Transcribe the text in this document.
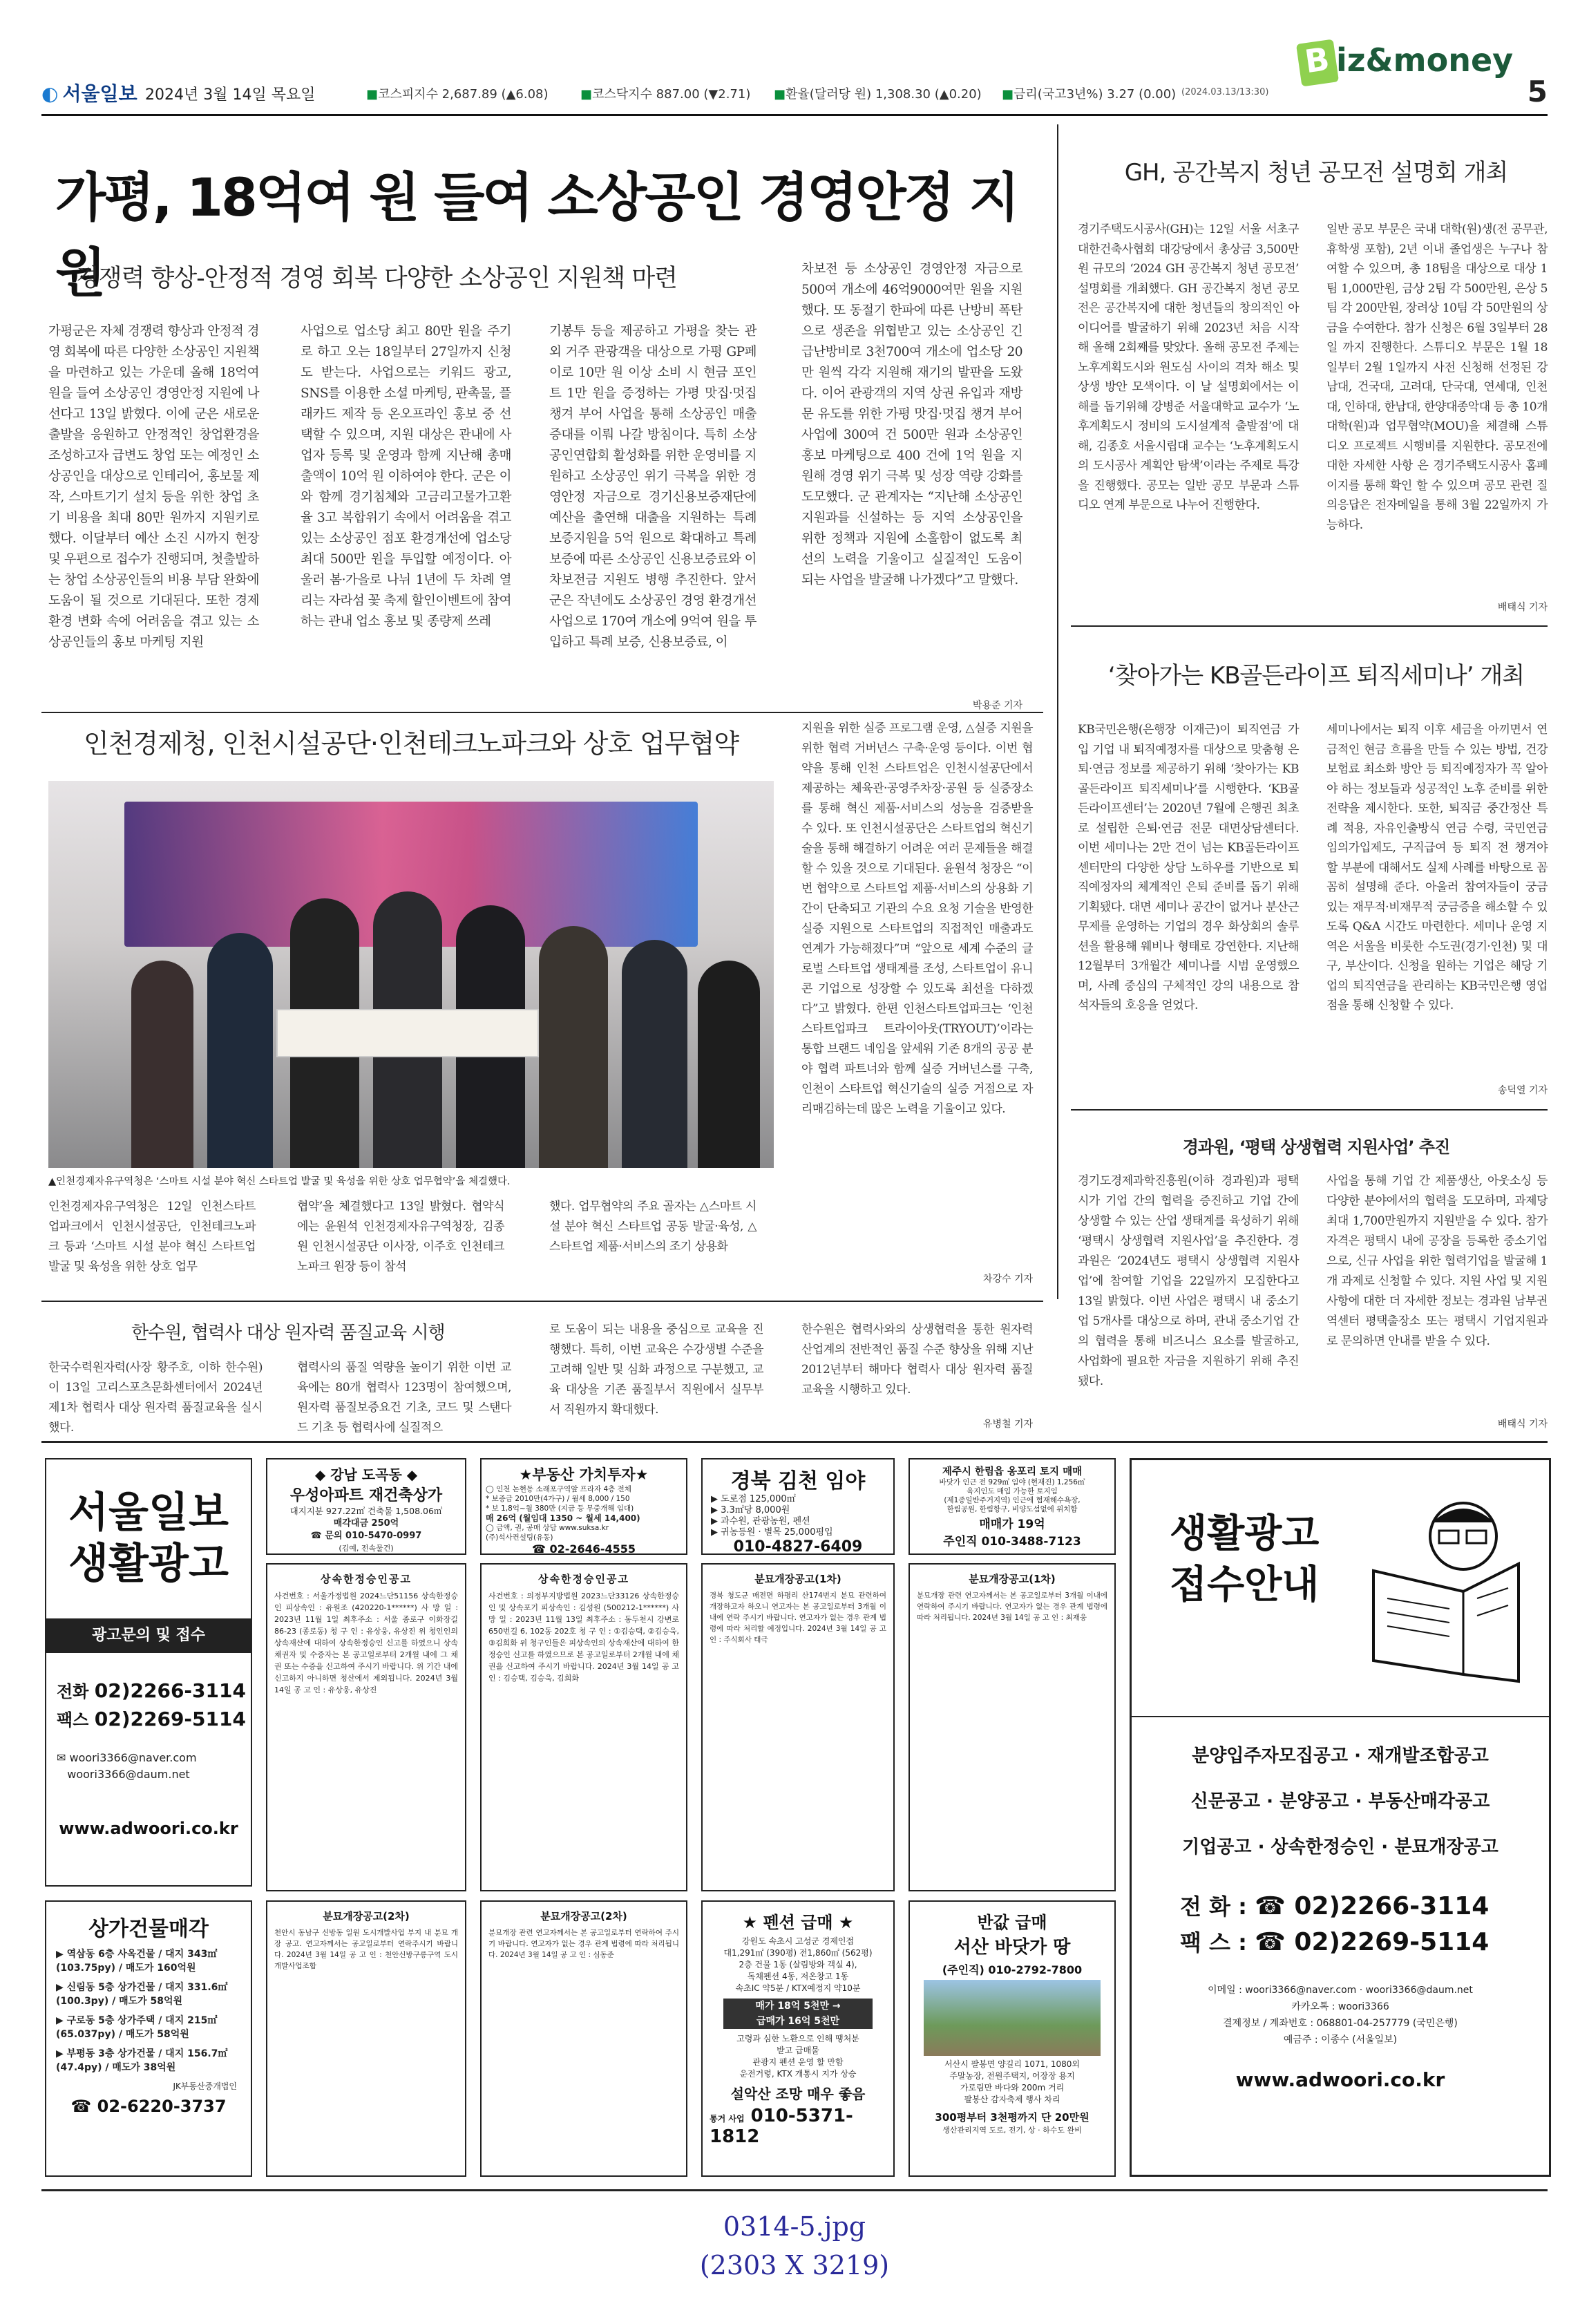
◐ 서울일보 2024년 3월 14일 목요일	■코스피지수 2,687.89 (▲6.08)	■코스닥지수 887.00 (▼2.71) ■환율(달러당 원) 1,308.30 (▲0.20) ■금리(국고3년%) 3.27 (0.00) (2024.03.13/13:30)
B iz&money
5
가평, 18억여 원 들여 소상공인 경영안정 지원
경쟁력 향상-안정적 경영 회복 다양한 소상공인 지원책 마련
가평군은 자체 경쟁력 향상과 안정적 경영 회복에 따른 다양한 소상공인 지원책을 마련하고 있는 가운데 올해 18억여 원을 들여 소상공인 경영안정 지원에 나선다고 13일 밝혔다. 이에 군은 새로운 출발을 응원하고 안정적인 창업환경을 조성하고자 급변도 창업 또는 예정인 소상공인을 대상으로 인테리어, 홍보물 제작, 스마트기기 설치 등을 위한 창업 초기 비용을 최대 80만 원까지 지원키로 했다. 이달부터 예산 소진 시까지 현장 및 우편으로 접수가 진행되며, 첫출발하는 창업 소상공인들의 비용 부담 완화에 도움이 될 것으로 기대된다. 또한 경제환경 변화 속에 어려움을 겪고 있는 소상공인들의 홍보 마케팅 지원
사업으로 업소당 최고 80만 원을 주기로 하고 오는 18일부터 27일까지 신청도 받는다. 사업으로는 키워드 광고, SNS를 이용한 소셜 마케팅, 판촉물, 플래카드 제작 등 온오프라인 홍보 중 선택할 수 있으며, 지원 대상은 관내에 사업자 등록 및 운영과 함께 지난해 총매출액이 10억 원 이하여야 한다. 군은 이와 함께 경기침체와 고금리고물가고환율 3고 복합위기 속에서 어려움을 겪고 있는 소상공인 점포 환경개선에 업소당 최대 500만 원을 투입할 예정이다. 아울러 봄·가을로 나뉘 1년에 두 차례 열리는 자라섬 꽃 축제 할인이벤트에 참여하는 관내 업소 홍보 및 종량제 쓰레
기봉투 등을 제공하고 가평을 찾는 관외 거주 관광객을 대상으로 가평 GP페이로 10만 원 이상 소비 시 현금 포인트 1만 원을 증정하는 가평 맛집·멋집 챙겨 부어 사업을 통해 소상공인 매출 증대를 이뤄 나갈 방침이다. 특히 소상공인연합회 활성화를 위한 운영비를 지원하고 소상공인 위기 극복을 위한 경영안정 자금으로 경기신용보증재단에 예산을 출연해 대출을 지원하는 특례 보증지원을 5억 원으로 확대하고 특례 보증에 따른 소상공인 신용보증료와 이차보전금 지원도 병행 추진한다. 앞서 군은 작년에도 소상공인 경영 환경개선 사업으로 170여 개소에 9억여 원을 투입하고 특례 보증, 신용보증료, 이
차보전 등 소상공인 경영안정 자금으로 500여 개소에 46억9000여만 원을 지원했다. 또 동절기 한파에 따른 난방비 폭탄으로 생존을 위협받고 있는 소상공인 긴급난방비로 3천700여 개소에 업소당 20만 원씩 각각 지원해 재기의 발판을 도왔다. 이어 관광객의 지역 상권 유입과 재방문 유도를 위한 가평 맛집·멋집 챙겨 부어 사업에 300여 건 500만 원과 소상공인 홍보 마케팅으로 400 건에 1억 원을 지원해 경영 위기 극복 및 성장 역량 강화를 도모했다. 군 관계자는 “지난해 소상공인지원과를 신설하는 등 지역 소상공인을 위한 정책과 지원에 소홀함이 없도록 최선의 노력을 기울이고 실질적인 도움이 되는 사업을 발굴해 나가겠다”고 말했다.
박용준 기자
GH, 공간복지 청년 공모전 설명회 개최
경기주택도시공사(GH)는 12일 서울 서초구 대한건축사협회 대강당에서 총상금 3,500만원 규모의 ‘2024 GH 공간복지 청년 공모전’ 설명회를 개최했다. GH 공간복지 청년 공모전은 공간복지에 대한 청년들의 창의적인 아이디어를 발굴하기 위해 2023년 처음 시작해 올해 2회째를 맞았다. 올해 공모전 주제는 노후계획도시와 원도심 사이의 격차 해소 및 상생 방안 모색이다. 이 날 설명회에서는 이해를 돕기위해 강병준 서울대학교 교수가 ‘노후계획도시 정비의 도시설계적 출발점’에 대해, 김종호 서울시립대 교수는 ‘노후계획도시의 도시공사 계획안 탐색’이라는 주제로 특강을 진행했다. 공모는 일반 공모 부문과 스튜디오 연계 부문으로 나누어 진행한다.
일반 공모 부문은 국내 대학(원)생(전 공무관, 휴학생 포함), 2년 이내 졸업생은 누구나 참여할 수 있으며, 총 18팀을 대상으로 대상 1팀 1,000만원, 금상 2팀 각 500만원, 은상 5팀 각 200만원, 장려상 10팀 각 50만원의 상금을 수여한다. 참가 신청은 6월 3일부터 28일 까지 진행한다. 스튜디오 부문은 1월 18일부터 2월 1일까지 사전 신청해 선정된 강남대, 건국대, 고려대, 단국대, 연세대, 인천대, 인하대, 한남대, 한양대종악대 등 총 10개 대학(원)과 업무협약(MOU)을 체결해 스튜디오 프로젝트 시행비를 지원한다. 공모전에 대한 자세한 사항 은 경기주택도시공사 홈페이지를 통해 확인 할 수 있으며 공모 관련 질의응답은 전자메일을 통해 3월 22일까지 가능하다.
배태식 기자
‘찾아가는 KB골든라이프 퇴직세미나’ 개최
KB국민은행(은행장 이재근)이 퇴직연금 가입 기업 내 퇴직예정자를 대상으로 맞춤형 은퇴·연금 정보를 제공하기 위해 ‘찾아가는 KB골든라이프 퇴직세미나’를 시행한다. ‘KB골든라이프센터’는 2020년 7월에 은행권 최초로 설립한 은퇴·연금 전문 대면상담센터다. 이번 세미나는 2만 건이 넘는 KB골든라이프센터만의 다양한 상담 노하우를 기반으로 퇴직예정자의 체계적인 은퇴 준비를 돕기 위해 기획됐다. 대면 세미나 공간이 없거나 분산근무제를 운영하는 기업의 경우 화상회의 솔루션을 활용해 웨비나 형태로 강연한다. 지난해 12월부터 3개월간 세미나를 시범 운영했으며, 사례 중심의 구체적인 강의 내용으로 참석자들의 호응을 얻었다.
세미나에서는 퇴직 이후 세금을 아끼면서 연금적인 현금 흐름을 만들 수 있는 방법, 건강보험료 최소화 방안 등 퇴직예정자가 꼭 알아야 하는 정보들과 성공적인 노후 준비를 위한 전략을 제시한다. 또한, 퇴직금 중간정산 특례 적용, 자유인출방식 연금 수령, 국민연금 임의가입제도, 구직급여 등 퇴직 전 챙겨야 할 부분에 대해서도 실제 사례를 바탕으로 꼼꼼히 설명해 준다. 아울러 참여자들이 궁금 있는 재무적·비재무적 궁금증을 해소할 수 있도록 Q&A 시간도 마련한다. 세미나 운영 지역은 서울을 비롯한 수도권(경기·인천) 및 대구, 부산이다. 신청을 원하는 기업은 해당 기업의 퇴직연금을 관리하는 KB국민은행 영업점을 통해 신청할 수 있다.
송덕열 기자
인천경제청, 인천시설공단·인천테크노파크와 상호 업무협약
▲인천경제자유구역청은 ‘스마트 시설 분야 혁신 스타트업 발굴 및 육성을 위한 상호 업무협약’을 체결했다.
인천경제자유구역청은 12일 인천스타트업파크에서 인천시설공단, 인천테크노파크 등과 ‘스마트 시설 분야 혁신 스타트업 발굴 및 육성을 위한 상호 업무
협약’을 체결했다고 13일 밝혔다. 협약식에는 윤원석 인천경제자유구역청장, 김종원 인천시설공단 이사장, 이주호 인천테크노파크 원장 등이 참석
했다. 업무협약의 주요 골자는 △스마트 시설 분야 혁신 스타트업 공동 발굴·육성, △스타트업 제품·서비스의 조기 상용화
지원을 위한 실증 프로그램 운영, △실증 지원을 위한 협력 거버넌스 구축·운영 등이다. 이번 협약을 통해 인천 스타트업은 인천시설공단에서 제공하는 체육관·공영주차장·공원 등 실증장소를 통해 혁신 제품·서비스의 성능을 검증받을 수 있다. 또 인천시설공단은 스타트업의 혁신기술을 통해 해결하기 어려운 여러 문제들을 해결 할 수 있을 것으로 기대된다. 윤원석 청장은 “이번 협약으로 스타트업 제품·서비스의 상용화 기간이 단축되고 기관의 수요 요청 기술을 반영한 실증 지원으로 스타트업의 직접적인 매출과도 연계가 가능해졌다”며 “앞으로 세계 수준의 글로벌 스타트업 생태계를 조성, 스타트업이 유니콘 기업으로 성장할 수 있도록 최선을 다하겠다”고 밝혔다. 한편 인천스타트업파크는 ‘인천스타트업파크 트라이아웃(TRYOUT)’이라는 통합 브랜드 네임을 앞세워 기존 8개의 공공 분야 협력 파트너와 함께 실증 거버넌스를 구축, 인천이 스타트업 혁신기술의 실증 거점으로 자리매김하는데 많은 노력을 기울이고 있다.
차강수 기자
한수원, 협력사 대상 원자력 품질교육 시행
한국수력원자력(사장 황주호, 이하 한수원)이 13일 고리스포츠문화센터에서 2024년 제1차 협력사 대상 원자력 품질교육을 실시했다.
협력사의 품질 역량을 높이기 위한 이번 교육에는 80개 협력사 123명이 참여했으며, 원자력 품질보증요건 기초, 코드 및 스탠다드 기초 등 협력사에 실질적으
로 도움이 되는 내용을 중심으로 교육을 진행했다. 특히, 이번 교육은 수강생별 수준을 고려해 일반 및 심화 과정으로 구분했고, 교육 대상을 기존 품질부서 직원에서 실무부서 직원까지 확대했다.
한수원은 협력사와의 상생협력을 통한 원자력산업계의 전반적인 품질 수준 향상을 위해 지난 2012년부터 해마다 협력사 대상 원자력 품질교육을 시행하고 있다.
유병철 기자
경과원, ‘평택 상생협력 지원사업’ 추진
경기도경제과학진흥원(이하 경과원)과 평택시가 기업 간의 협력을 증진하고 기업 간에 상생할 수 있는 산업 생태계를 육성하기 위해 ‘평택시 상생협력 지원사업’을 추진한다. 경과원은 ‘2024년도 평택시 상생협력 지원사업’에 참여할 기업을 22일까지 모집한다고 13일 밝혔다. 이번 사업은 평택시 내 중소기업 5개사를 대상으로 하며, 관내 중소기업 간의 협력을 통해 비즈니스 요소를 발굴하고, 사업화에 필요한 자금을 지원하기 위해 추진됐다.
사업을 통해 기업 간 제품생산, 아웃소싱 등 다양한 분야에서의 협력을 도모하며, 과제당 최대 1,700만원까지 지원받을 수 있다. 참가 자격은 평택시 내에 공장을 등록한 중소기업으로, 신규 사업을 위한 협력기업을 발굴해 1개 과제로 신청할 수 있다. 지원 사업 및 지원 사항에 대한 더 자세한 정보는 경과원 남부권역센터 평택출장소 또는 평택시 기업지원과로 문의하면 안내를 받을 수 있다.
배태식 기자
서울일보
생활광고
광고문의 및 접수
전화 02)2266-3114
팩스 02)2269-5114
✉ woori3366@naver.com
woori3366@daum.net
www.adwoori.co.kr
◆ 강남 도곡동 ◆
우성아파트 재건축상가
대지지분 927.22㎡ 건축물 1,508.06㎡
매각대금 250억
☎ 문의 010-5470-0997
(김예, 전속물건)
★부동산 가치투자★
◯ 인천 논현동 소래포구역앞 프라자 4층 전체
* 보증금 2010만(4가구) / 월세 8,000 / 150
* 보 1,8억~월 380만 (지금 등 무중개해 임대)
매 26억 (월임대 1350 ~ 월세 14,400)
◯ 금액, 권, 공매 상담 www.suksa.kr
(주)석사컨설팅(유동)
☎ 02-2646-4555
경북 김천 임야
▶ 도로점 125,000㎡
▶ 3.3㎡당 8,000원
▶ 과수원, 관광농원, 펜션
▶ 귀농등원 · 별목 25,000평입
010-4827-6409
제주시 한림읍 옹포리 토지 매매
바닷가 인근 전 929㎡ 임야 (현재진) 1,256㎡
육지인도 매입 가능한 토지임
(제1종일반주거지역) 인근에 협재해수욕장,
한림공원, 한림항구, 비양도섬없에 위치함
매매가 19억
주인직 010-3488-7123
상속한정승인공고
사건번호 : 서울가정법원 2024느단51156 상속한정승인 피상속인 : 유원조 (420220-1******) 사 망 일 : 2023년 11월 1일 최후주소 : 서울 종로구 이화장길 86-23 (종로동) 청 구 인 : 유상웅, 유상진 위 청인인의 상속재산에 대하여 상속한정승인 신고를 하였으니 상속채권자 및 수증자는 본 공고일로부터 2개월 내에 그 채권 또는 수증을 신고하여 주시기 바랍니다. 위 기간 내에 신고하지 아니하면 청산에서 제외됩니다. 2024년 3월 14일 공 고 인 : 유상웅, 유상진
상속한정승인공고
사건번호 : 의정부지방법원 2023느단33126 상속한정승인 및 상속포기 피상속인 : 김성원 (500212-1******) 사 망 일 : 2023년 11월 13일 최후주소 : 동두천시 강변로650번길 6, 102동 202호 청 구 인 : ①김승택, ②김승욱, ③김희화 위 청구인들은 피상속인의 상속재산에 대하여 한정승인 신고를 하였으므로 본 공고일로부터 2개월 내에 채권을 신고하여 주시기 바랍니다. 2024년 3월 14일 공 고 인 : 김승택, 김승욱, 김희화
분묘개장공고(1차)
경북 청도군 매전면 하평리 산174번지 분묘 관련하여 개장하고자 하오니 연고자는 본 공고일로부터 3개월 이내에 연락 주시기 바랍니다. 연고자가 없는 경우 관계 법령에 따라 처리할 예정입니다. 2024년 3월 14일 공 고 인 : 주식회사 태극
분묘개장공고(1차)
분묘개장 관련 연고자께서는 본 공고일로부터 3개월 이내에 연락하여 주시기 바랍니다. 연고자가 없는 경우 관계 법령에 따라 처리됩니다. 2024년 3월 14일 공 고 인 : 최재웅
상가건물매각
▶ 역삼동 6층 사옥건물 / 대지 343㎡(103.75py) / 매도가 160억원
▶ 신림동 5층 상가건물 / 대지 331.6㎡(100.3py) / 매도가 58억원
▶ 구로동 5층 상가주택 / 대지 215㎡(65.037py) / 매도가 58억원
▶ 부평동 3층 상가건물 / 대지 156.7㎡(47.4py) / 매도가 38억원
JK부동산중개법인
☎ 02-6220-3737
분묘개장공고(2차)
천안시 동남구 신방동 일원 도시개발사업 부지 내 분묘 개장 공고. 연고자께서는 공고일로부터 연락주시기 바랍니다. 2024년 3월 14일 공 고 인 : 천안신방구릉구역 도시개발사업조합
분묘개장공고(2차)
분묘개장 관련 연고자께서는 본 공고일로부터 연락하여 주시기 바랍니다. 연고자가 없는 경우 관계 법령에 따라 처리됩니다. 2024년 3월 14일 공 고 인 : 심동준
★ 펜션 급매 ★
강원도 속초시 고성군 경제인접
대1,291㎡ (390평) 전1,860㎡ (562평)
2층 건물 1동 (살림방와 객실 4),
독채펜션 4동, 저온창고 1동
속초IC 약5분 / KTX예정지 약10분
매가 18억 5천만 →
급매가 16억 5천만
고령과 심한 노환으로 인해 땡처분
받고 급매물
관광지 펜션 운영 할 만함
운전거렇, KTX 개통시 지가 상승
설악산 조망 매우 좋음
통거 사업 010-5371-1812
반값 급매
서산 바닷가 땅
(주인직) 010-2792-7800
서산시 팔봉면 양길리 1071, 1080외
주말농장, 전원주택지, 어장장 용지
가로림만 바다와 200m 거리
팔봉산 감자축제 행사 차리
300평부터 3천평까지 단 20만원
생산관리지역 도로, 전기, 상 · 하수도 완비
생활광고
접수안내
분양입주자모집공고 · 재개발조합공고
신문공고 · 분양공고 · 부동산매각공고
기업공고 · 상속한정승인 · 분묘개장공고
전 화 : ☎ 02)2266-3114
팩 스 : ☎ 02)2269-5114
이메일 : woori3366@naver.com · woori3366@daum.net
카카오톡 : woori3366
결제정보 / 계좌번호 : 068801-04-257779 (국민은행)
예금주 : 이종수 (서울일보)
www.adwoori.co.kr
0314-5.jpg
(2303 X 3219)
